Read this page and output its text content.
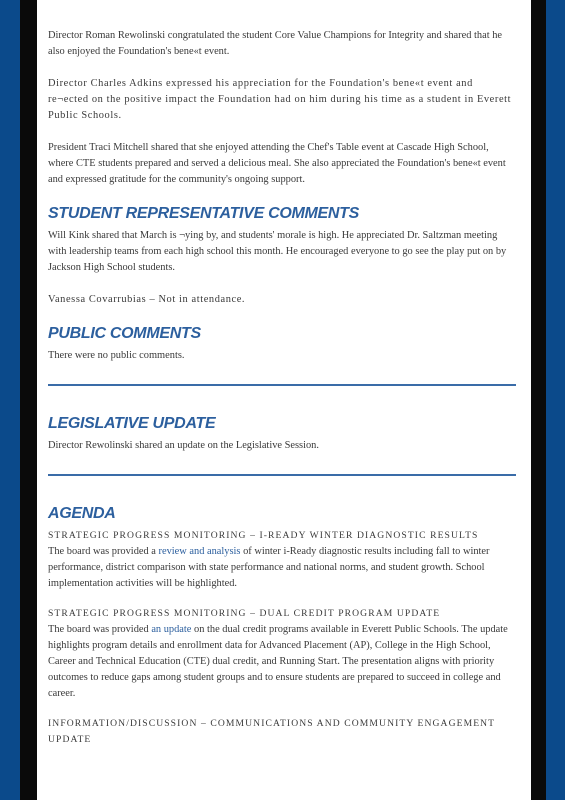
Director Roman Rewolinski congratulated the student Core Value Champions for Integrity and shared that he also enjoyed the Foundation's bene«t event.

Director Charles Adkins expressed his appreciation for the Foundation's bene«t event and re¬ected on the positive impact the Foundation had on him during his time as a student in Everett Public Schools.

President Traci Mitchell shared that she enjoyed attending the Chef's Table event at Cascade High School, where CTE students prepared and served a delicious meal. She also appreciated the Foundation's bene«t event and expressed gratitude for the community's ongoing support.

STUDENT REPRESENTATIVE COMMENTS

Will Kink shared that March is ¬ying by, and students' morale is high. He appreciated Dr. Saltzman meeting with leadership teams from each high school this month. He encouraged everyone to go see the play put on by Jackson High School students.

Vanessa Covarrubias – Not in attendance.

PUBLIC COMMENTS

There were no public comments.

LEGISLATIVE UPDATE

Director Rewolinski shared an update on the Legislative Session.

AGENDA
STRATEGIC PROGRESS MONITORING – I-READY WINTER DIAGNOSTIC RESULTS

The board was provided a review and analysis of winter i-Ready diagnostic results including fall to winter performance, district comparison with state performance and national norms, and student growth. School implementation activities will be highlighted.

STRATEGIC PROGRESS MONITORING – DUAL CREDIT PROGRAM UPDATE

The board was provided an update on the dual credit programs available in Everett Public Schools. The update highlights program details and enrollment data for Advanced Placement (AP), College in the High School, Career and Technical Education (CTE) dual credit, and Running Start. The presentation aligns with priority outcomes to reduce gaps among student groups and to ensure students are prepared to succeed in college and career.

INFORMATION/DISCUSSION – COMMUNICATIONS AND COMMUNITY ENGAGEMENT UPDATE
